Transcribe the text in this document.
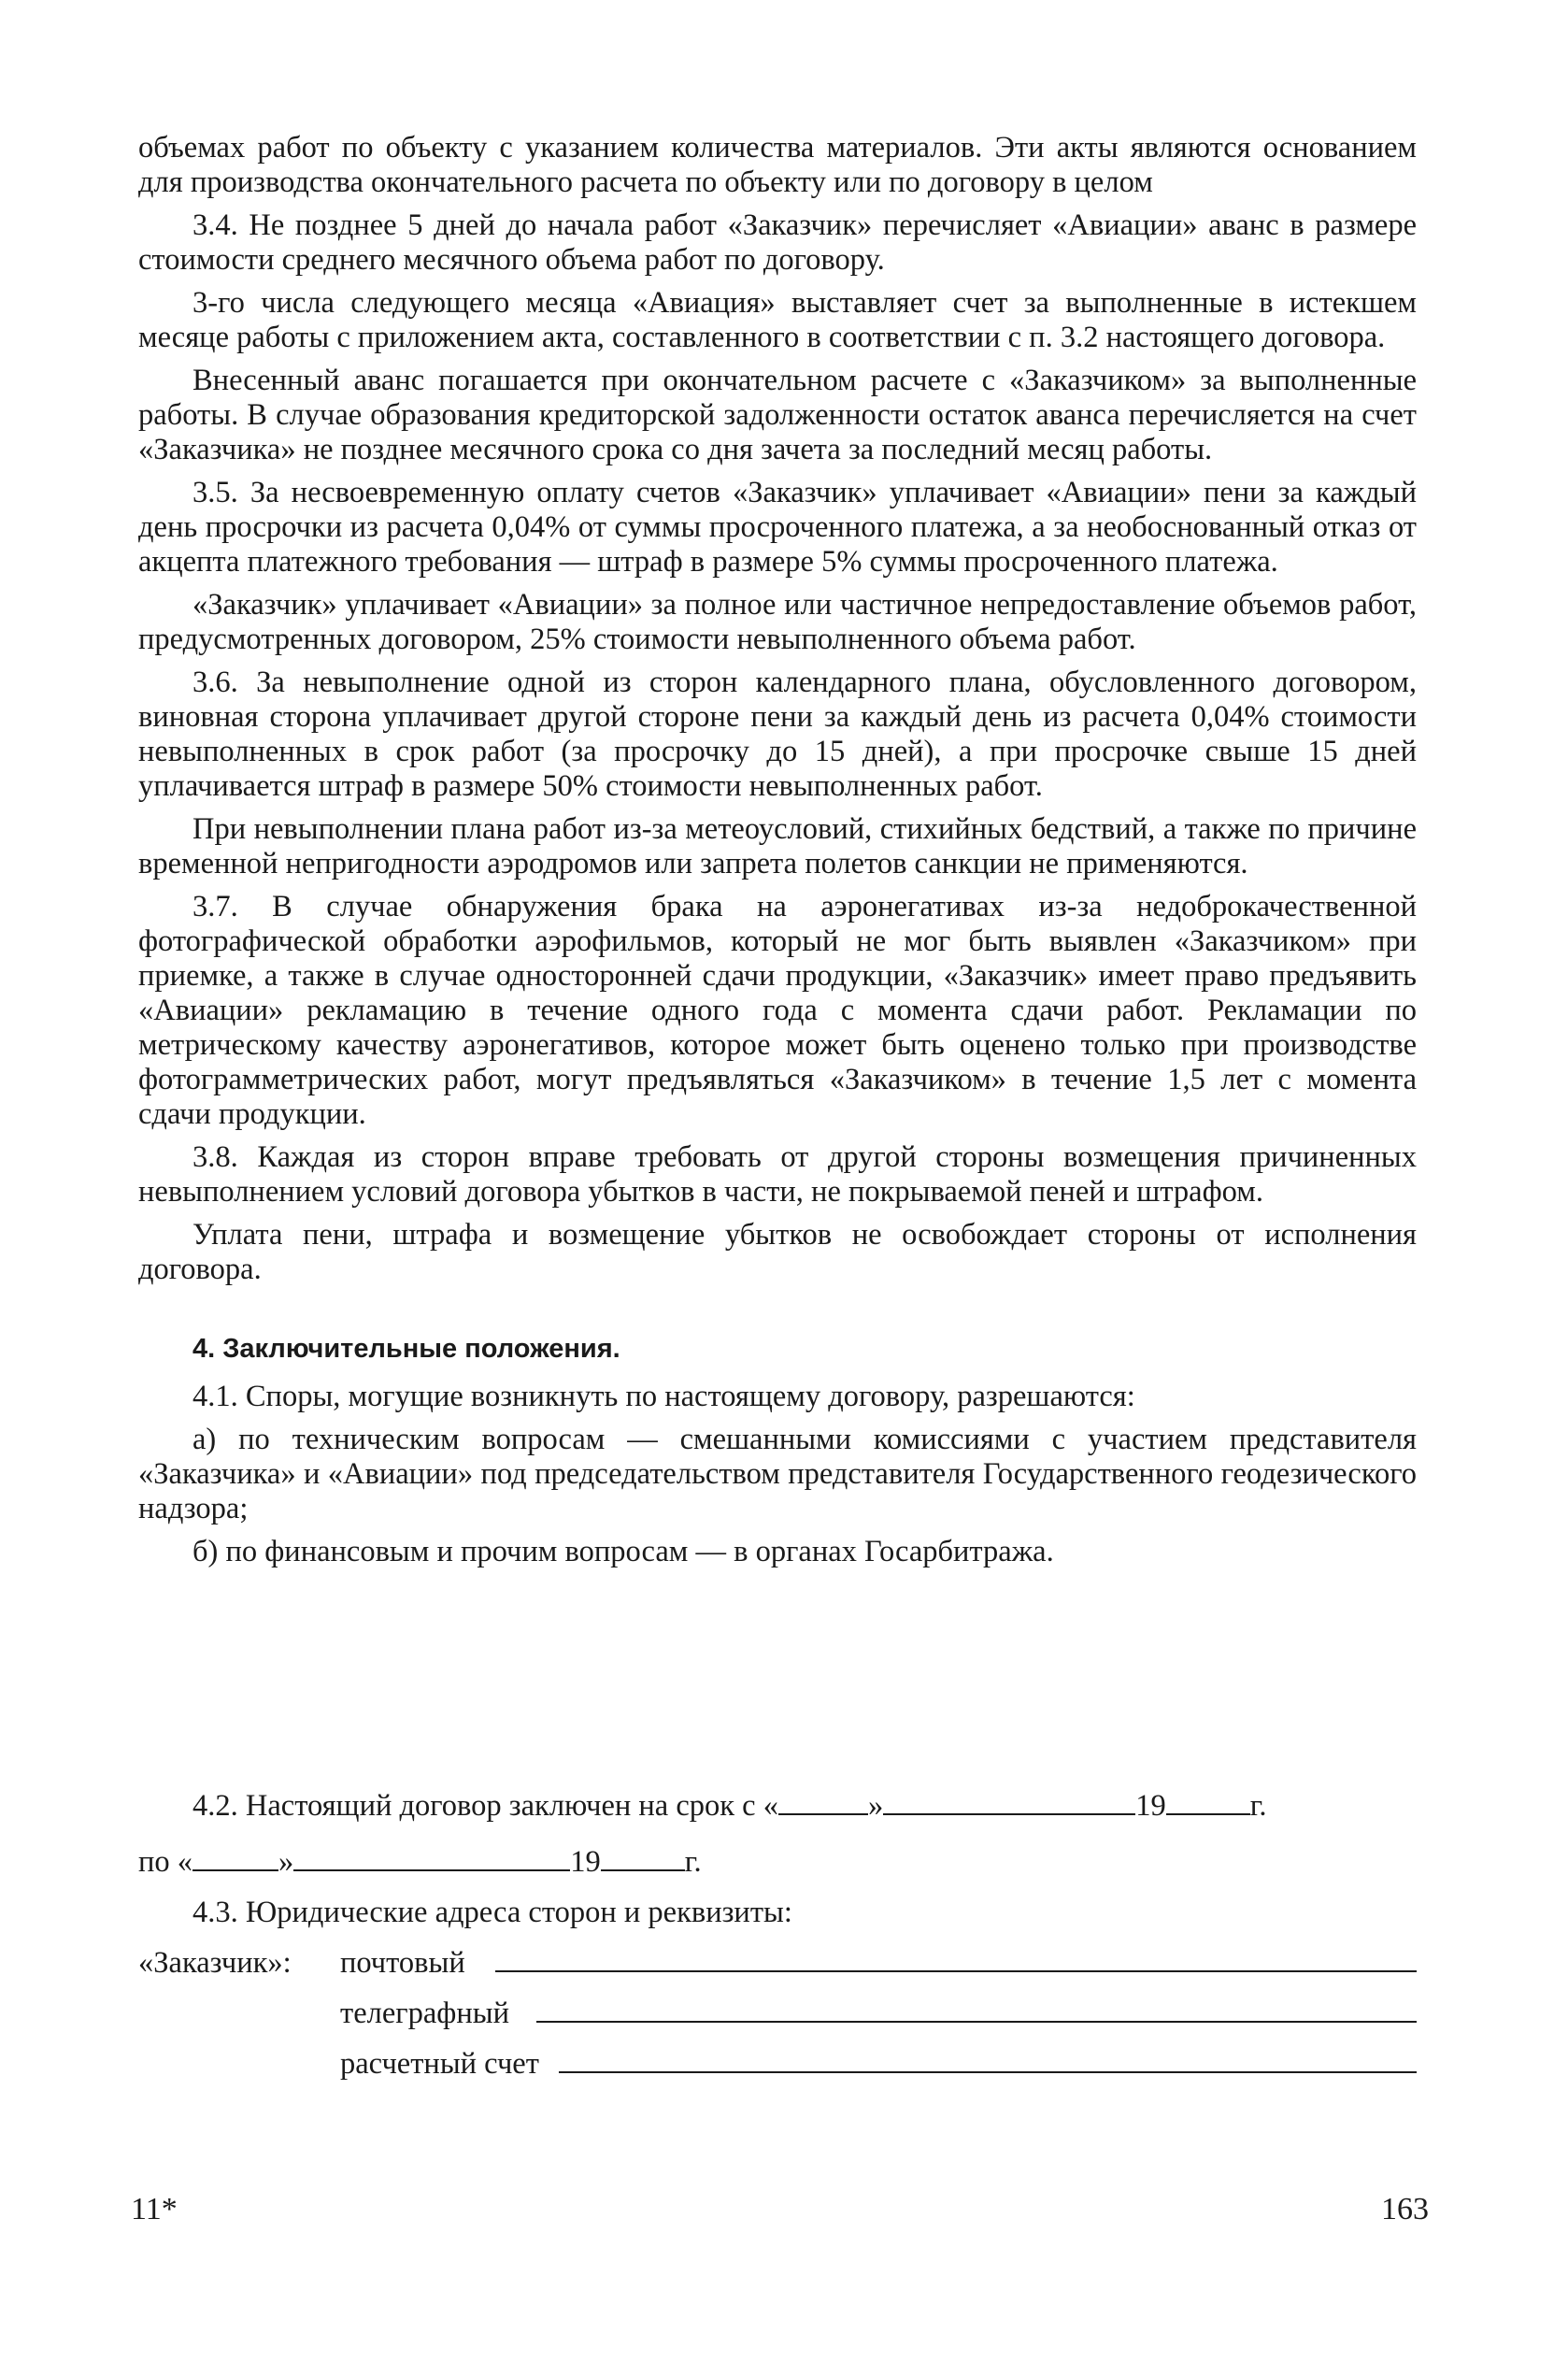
объемах работ по объекту с указанием количества материалов. Эти акты являются основанием для производства окончательного расчета по объекту или по договору в целом

3.4. Не позднее 5 дней до начала работ «Заказчик» перечисляет «Авиации» аванс в размере стоимости среднего месячного объема работ по договору.

3-го числа следующего месяца «Авиация» выставляет счет за выполненные в истекшем месяце работы с приложением акта, составленного в соответствии с п. 3.2 настоящего договора.

Внесенный аванс погашается при окончательном расчете с «Заказчиком» за выполненные работы. В случае образования кредиторской задолженности остаток аванса перечисляется на счет «Заказчика» не позднее месячного срока со дня зачета за последний месяц работы.

3.5. За несвоевременную оплату счетов «Заказчик» уплачивает «Авиации» пени за каждый день просрочки из расчета 0,04% от суммы просроченного платежа, а за необоснованный отказ от акцепта платежного требования — штраф в размере 5% суммы просроченного платежа.

«Заказчик» уплачивает «Авиации» за полное или частичное непредоставление объемов работ, предусмотренных договором, 25% стоимости невыполненного объема работ.

3.6. За невыполнение одной из сторон календарного плана, обусловленного договором, виновная сторона уплачивает другой стороне пени за каждый день из расчета 0,04% стоимости невыполненных в срок работ (за просрочку до 15 дней), а при просрочке свыше 15 дней уплачивается штраф в размере 50% стоимости невыполненных работ.

При невыполнении плана работ из-за метеоусловий, стихийных бедствий, а также по причине временной непригодности аэродромов или запрета полетов санкции не применяются.

3.7. В случае обнаружения брака на аэронегативах из-за недоброкачественной фотографической обработки аэрофильмов, который не мог быть выявлен «Заказчиком» при приемке, а также в случае односторонней сдачи продукции, «Заказчик» имеет право предъявить «Авиации» рекламацию в течение одного года с момента сдачи работ. Рекламации по метрическому качеству аэронегативов, которое может быть оценено только при производстве фотограмметрических работ, могут предъявляться «Заказчиком» в течение 1,5 лет с момента сдачи продукции.

3.8. Каждая из сторон вправе требовать от другой стороны возмещения причиненных невыполнением условий договора убытков в части, не покрываемой пеней и штрафом.

Уплата пени, штрафа и возмещение убытков не освобождает стороны от исполнения договора.

4. Заключительные положения.

4.1. Споры, могущие возникнуть по настоящему договору, разрешаются:

а) по техническим вопросам — смешанными комиссиями с участием представителя «Заказчика» и «Авиации» под председательством представителя Государственного геодезического надзора;

б) по финансовым и прочим вопросам — в органах Госарбитража.

4.2. Настоящий договор заключен на срок с «	»	19	г.
по «	»	19	г.
4.3. Юридические адреса сторон и реквизиты:
«Заказчик»: почтовый
телеграфный
расчетный счет
11*	163
